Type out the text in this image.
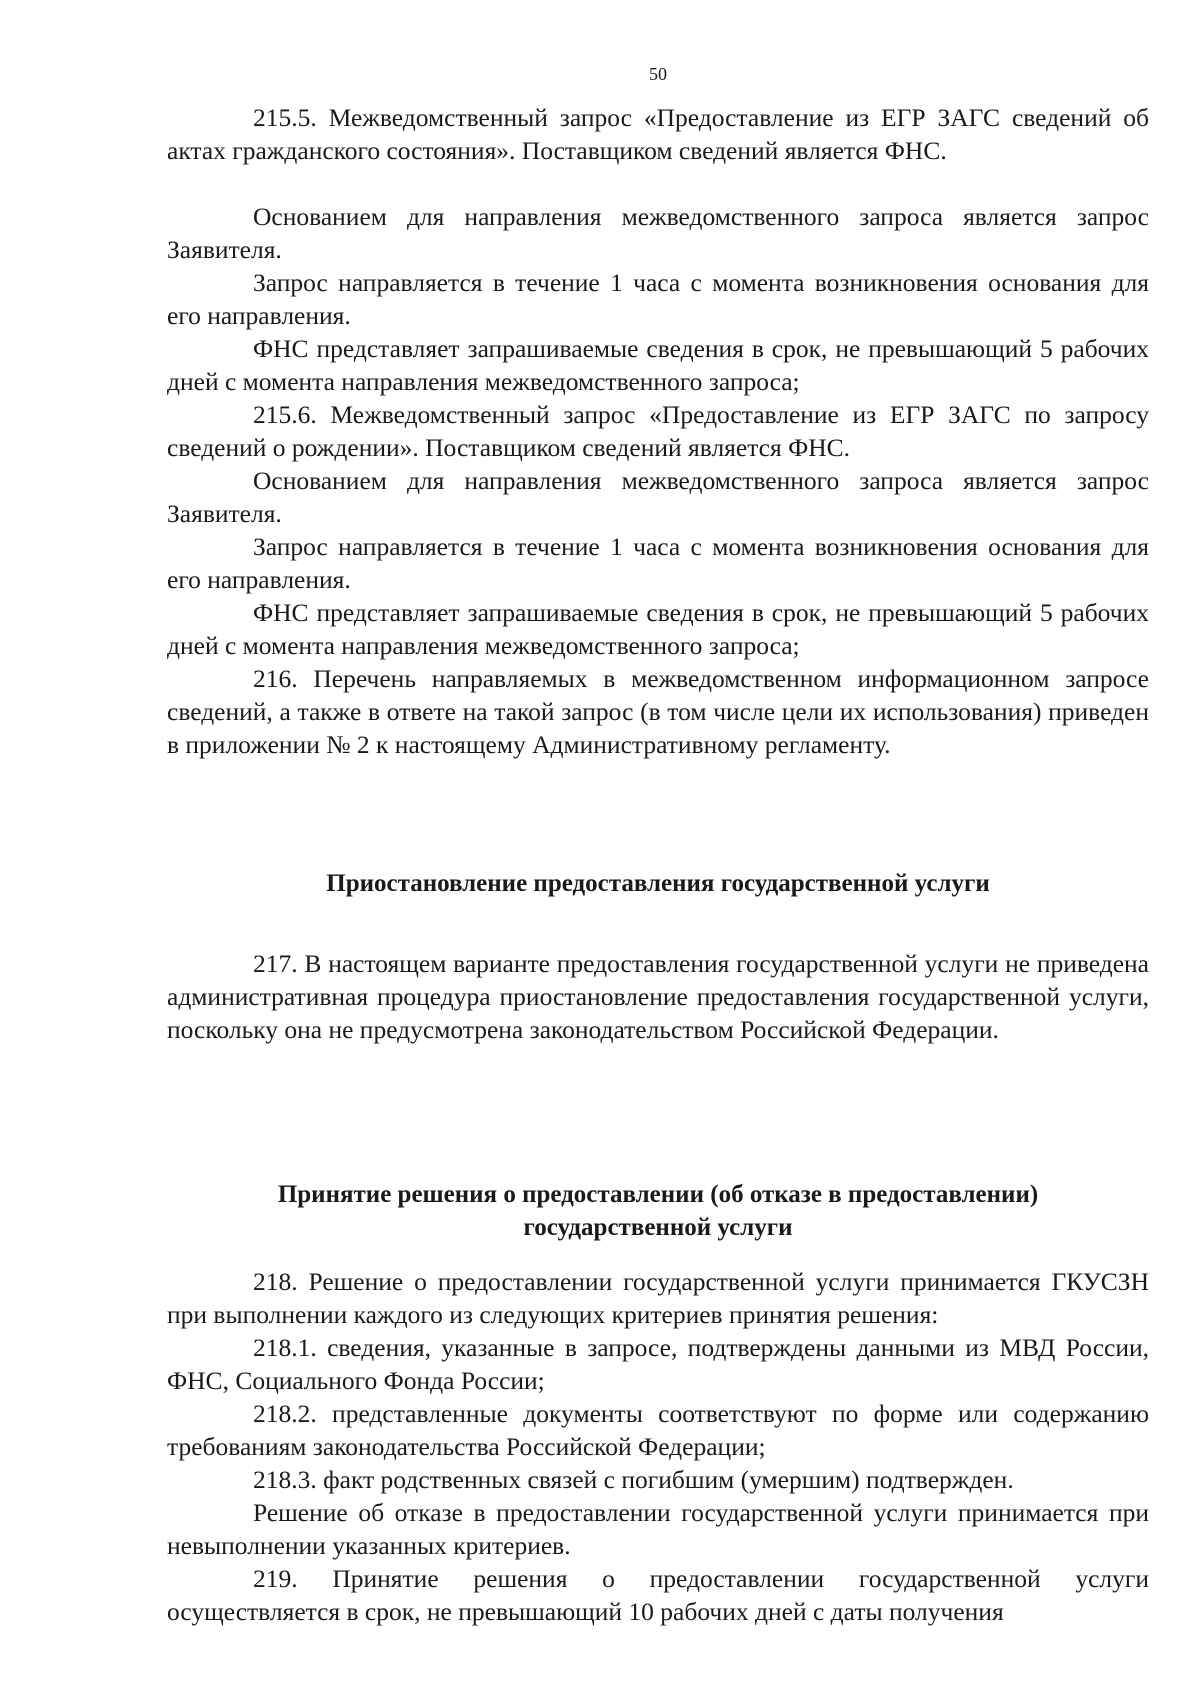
50

215.5. Межведомственный запрос «Предоставление из ЕГР ЗАГС сведений об актах гражданского состояния». Поставщиком сведений является ФНС.

Основанием для направления межведомственного запроса является запрос Заявителя.

Запрос направляется в течение 1 часа с момента возникновения основания для его направления.

ФНС представляет запрашиваемые сведения в срок, не превышающий 5 рабочих дней с момента направления межведомственного запроса;

215.6. Межведомственный запрос «Предоставление из ЕГР ЗАГС по запросу сведений о рождении». Поставщиком сведений является ФНС.

Основанием для направления межведомственного запроса является запрос Заявителя.

Запрос направляется в течение 1 часа с момента возникновения основания для его направления.

ФНС представляет запрашиваемые сведения в срок, не превышающий 5 рабочих дней с момента направления межведомственного запроса;

216. Перечень направляемых в межведомственном информационном запросе сведений, а также в ответе на такой запрос (в том числе цели их использования) приведен в приложении № 2 к настоящему Административному регламенту.

Приостановление предоставления государственной услуги

217. В настоящем варианте предоставления государственной услуги не приведена административная процедура приостановление предоставления государственной услуги, поскольку она не предусмотрена законодательством Российской Федерации.

Принятие решения о предоставлении (об отказе в предоставлении) государственной услуги

218. Решение о предоставлении государственной услуги принимается ГКУСЗН при выполнении каждого из следующих критериев принятия решения:

218.1. сведения, указанные в запросе, подтверждены данными из МВД России, ФНС, Социального Фонда России;

218.2. представленные документы соответствуют по форме или содержанию требованиям законодательства Российской Федерации;

218.3. факт родственных связей с погибшим (умершим) подтвержден.

Решение об отказе в предоставлении государственной услуги принимается при невыполнении указанных критериев.

219. Принятие решения о предоставлении государственной услуги осуществляется в срок, не превышающий 10 рабочих дней с даты получения
